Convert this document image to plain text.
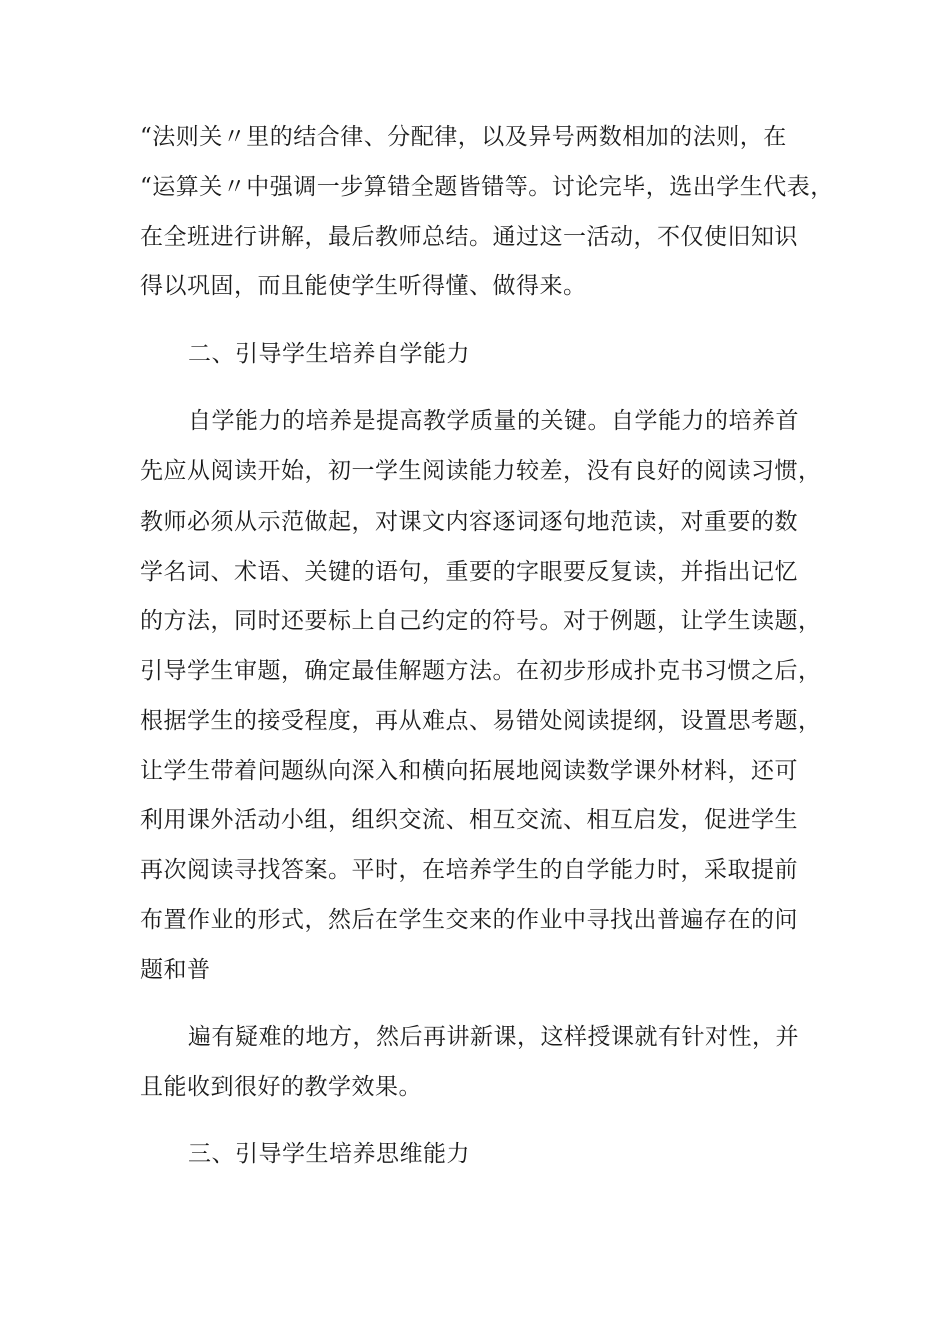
“法则关〃里的结合律、分配律，以及异号两数相加的法则，在
“运算关〃中强调一步算错全题皆错等。讨论完毕，选出学生代表，
在全班进行讲解，最后教师总结。通过这一活动，不仅使旧知识
得以巩固，而且能使学生听得懂、做得来。
二、引导学生培养自学能力
自学能力的培养是提高教学质量的关键。自学能力的培养首
先应从阅读开始，初一学生阅读能力较差，没有良好的阅读习惯，
教师必须从示范做起，对课文内容逐词逐句地范读，对重要的数
学名词、术语、关键的语句，重要的字眼要反复读，并指出记忆
的方法，同时还要标上自己约定的符号。对于例题，让学生读题，
引导学生审题，确定最佳解题方法。在初步形成扑克书习惯之后，
根据学生的接受程度，再从难点、易错处阅读提纲，设置思考题，
让学生带着问题纵向深入和横向拓展地阅读数学课外材料，还可
利用课外活动小组，组织交流、相互交流、相互启发，促进学生
再次阅读寻找答案。平时，在培养学生的自学能力时，采取提前
布置作业的形式，然后在学生交来的作业中寻找出普遍存在的问
题和普
遍有疑难的地方，然后再讲新课，这样授课就有针对性，并
且能收到很好的教学效果。
三、引导学生培养思维能力
